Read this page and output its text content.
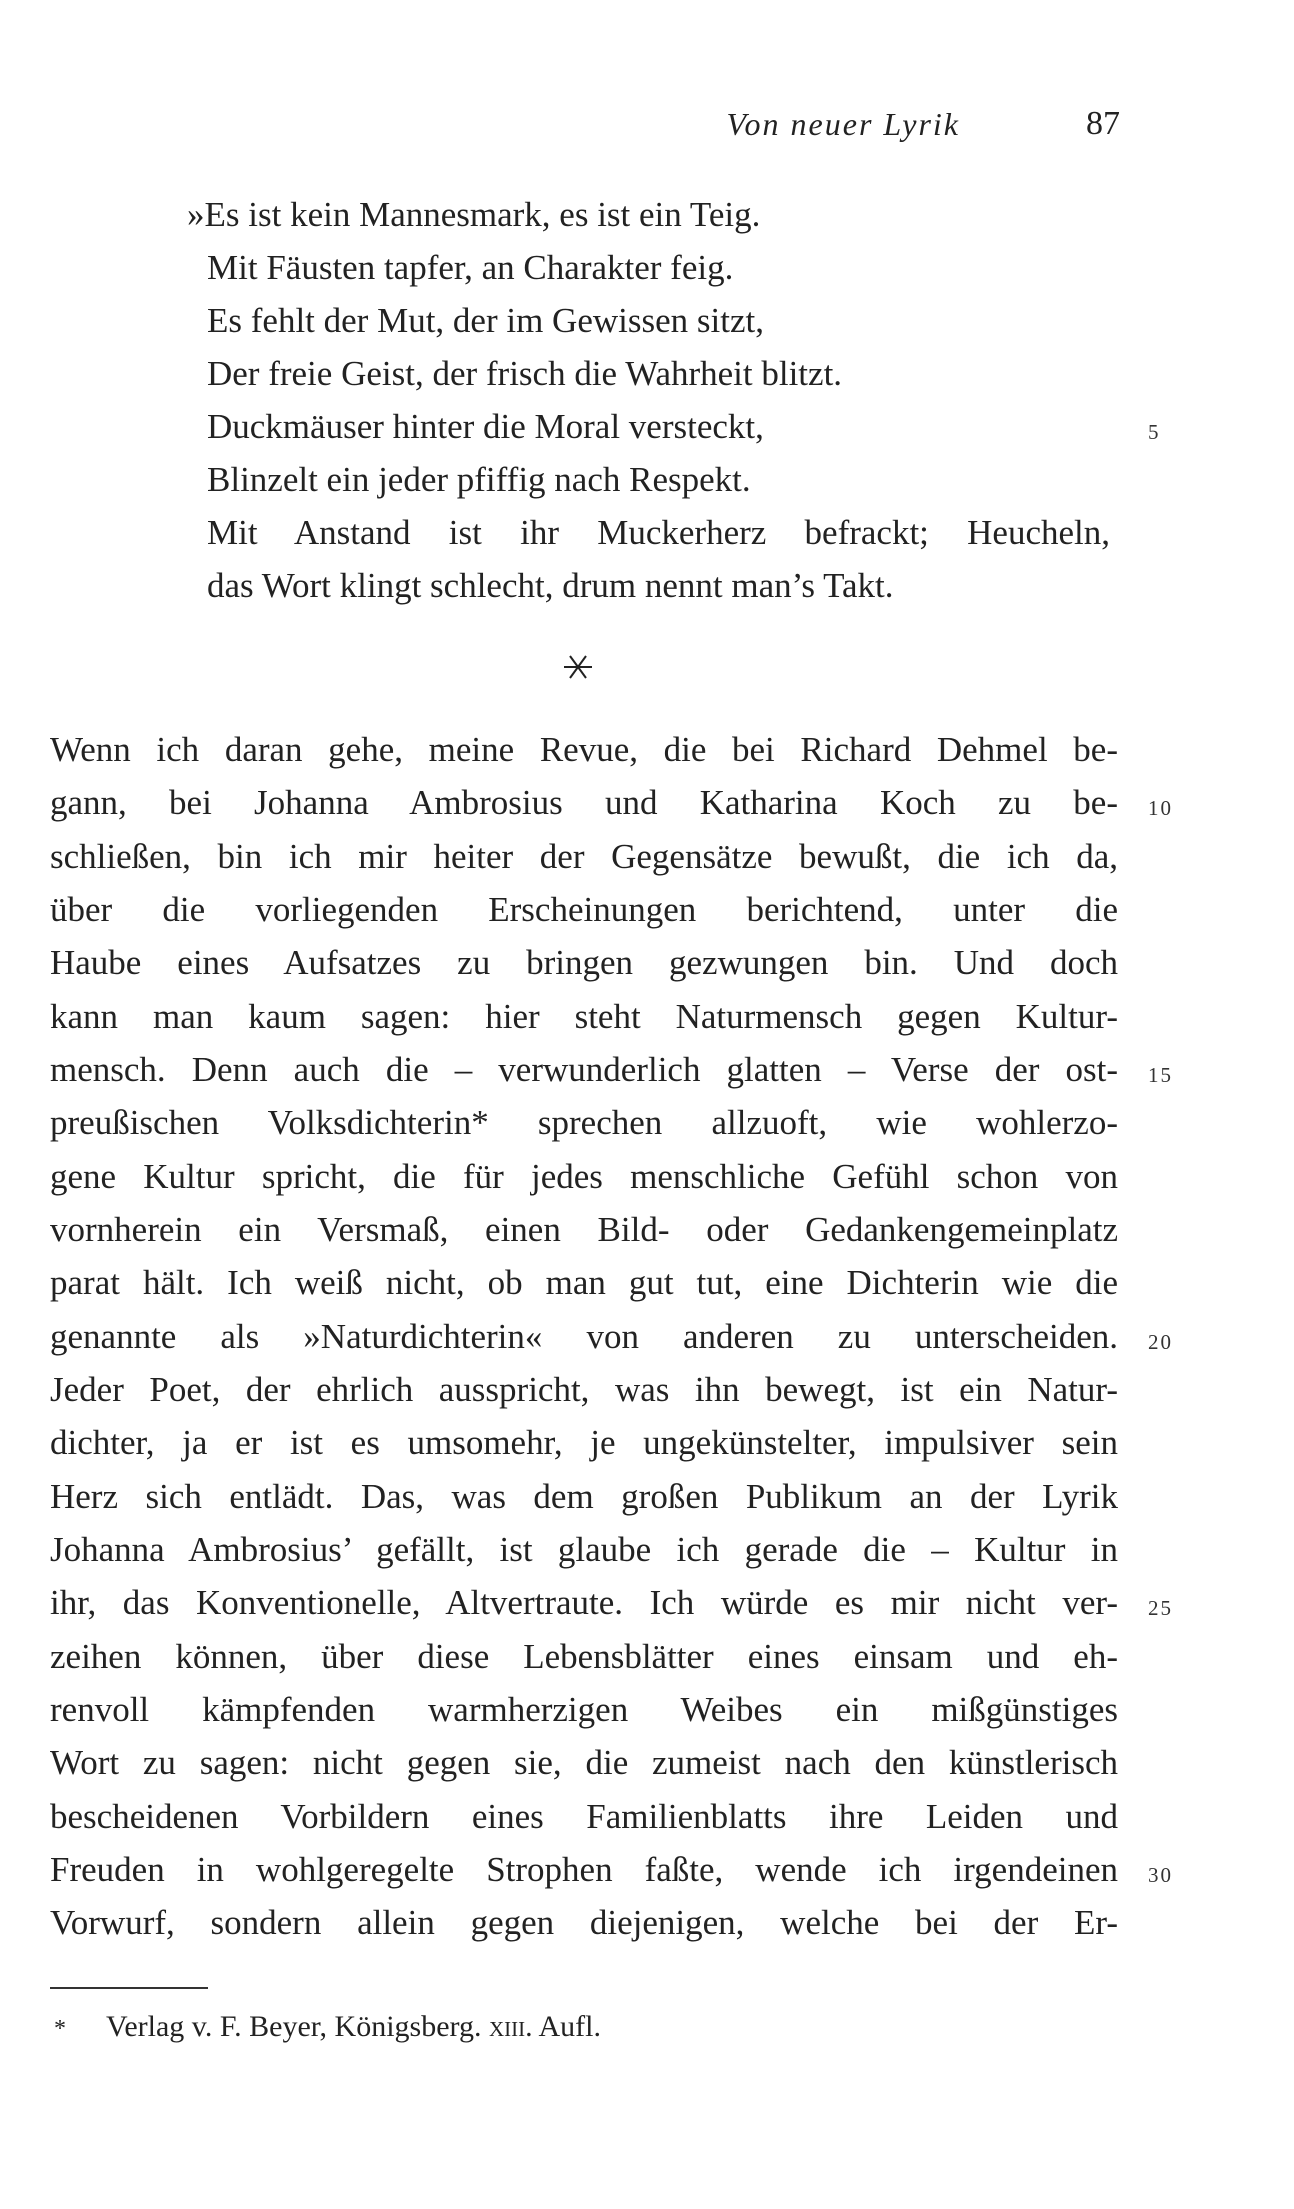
Von neuer Lyrik	87
»Es ist kein Mannesmark, es ist ein Teig.
Mit Fäusten tapfer, an Charakter feig.
Es fehlt der Mut, der im Gewissen sitzt,
Der freie Geist, der frisch die Wahrheit blitzt.
Duckmäuser hinter die Moral versteckt,
Blinzelt ein jeder pfiffig nach Respekt.
Mit Anstand ist ihr Muckerherz befrackt; Heucheln,
das Wort klingt schlecht, drum nennt man’s Takt.
5
Wenn ich daran gehe, meine Revue, die bei Richard Dehmel be-
gann, bei Johanna Ambrosius und Katharina Koch zu be-
schließen, bin ich mir heiter der Gegensätze bewußt, die ich da,
über die vorliegenden Erscheinungen berichtend, unter die
Haube eines Aufsatzes zu bringen gezwungen bin. Und doch
kann man kaum sagen: hier steht Naturmensch gegen Kultur-
mensch. Denn auch die – verwunderlich glatten – Verse der ost-
preußischen Volksdichterin* sprechen allzuoft, wie wohlerzo-
gene Kultur spricht, die für jedes menschliche Gefühl schon von
vornherein ein Versmaß, einen Bild- oder Gedankengemeinplatz
parat hält. Ich weiß nicht, ob man gut tut, eine Dichterin wie die
genannte als »Naturdichterin« von anderen zu unterscheiden.
Jeder Poet, der ehrlich ausspricht, was ihn bewegt, ist ein Natur-
dichter, ja er ist es umsomehr, je ungekünstelter, impulsiver sein
Herz sich entlädt. Das, was dem großen Publikum an der Lyrik
Johanna Ambrosius’ gefällt, ist glaube ich gerade die – Kultur in
ihr, das Konventionelle, Altvertraute. Ich würde es mir nicht ver-
zeihen können, über diese Lebensblätter eines einsam und eh-
renvoll kämpfenden warmherzigen Weibes ein mißgünstiges
Wort zu sagen: nicht gegen sie, die zumeist nach den künstlerisch
bescheidenen Vorbildern eines Familienblatts ihre Leiden und
Freuden in wohlgeregelte Strophen faßte, wende ich irgendeinen
Vorwurf, sondern allein gegen diejenigen, welche bei der Er-
10
15
20
25
30
* Verlag v. F. Beyer, Königsberg. xiii. Aufl.
